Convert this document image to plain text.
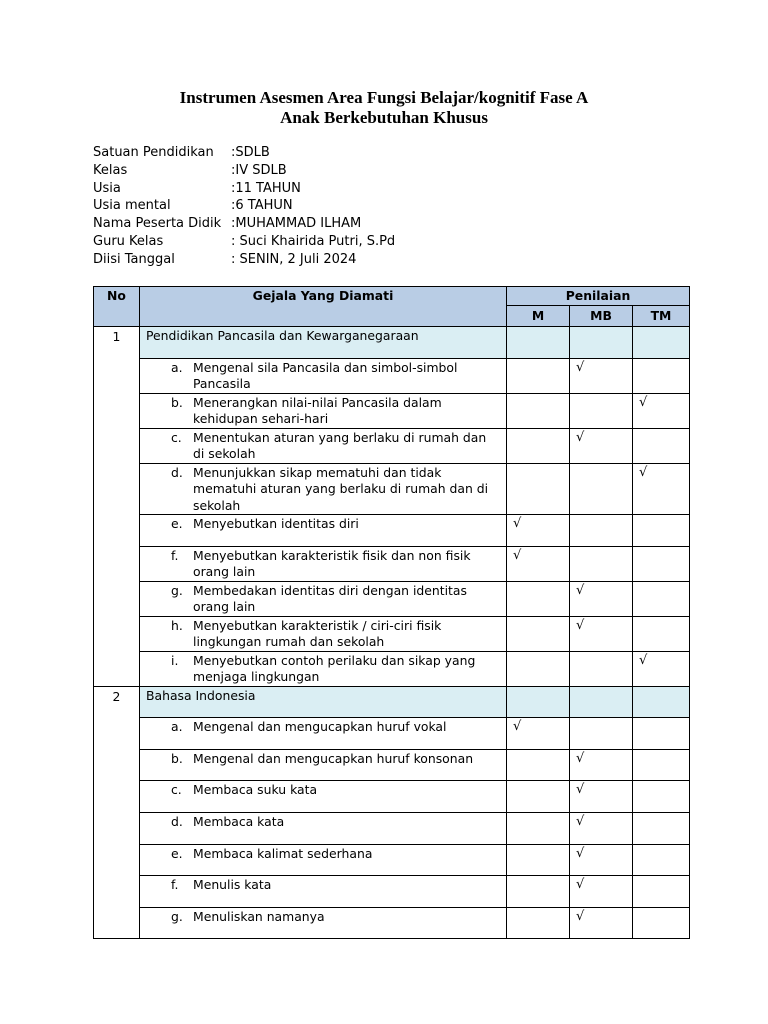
Instrumen Asesmen Area Fungsi Belajar/kognitif Fase A
Anak Berkebutuhan Khusus
Satuan Pendidikan	:SDLB
Kelas	:IV SDLB
Usia	:11 TAHUN
Usia mental	:6 TAHUN
Nama Peserta Didik :MUHAMMAD ILHAM
Guru Kelas	: Suci Khairida Putri, S.Pd
Diisi Tanggal	: SENIN, 2 Juli 2024
No	Gejala Yang Diamati	Penilaian		
		M	MB	TM
1	Pendidikan Pancasila dan Kewarganegaraan			

	a. Mengenal sila Pancasila dan simbol-simbol Pancasila		√	

	b. Menerangkan nilai-nilai Pancasila dalam kehidupan sehari-hari			√

	c. Menentukan aturan yang berlaku di rumah dan di sekolah		√	

	d. Menunjukkan sikap mematuhi dan tidak mematuhi aturan yang berlaku di rumah dan di sekolah			√

	e. Menyebutkan identitas diri	√		

	f. Menyebutkan karakteristik fisik dan non fisik orang lain	√		

	g. Membedakan identitas diri dengan identitas orang lain		√	

	h. Menyebutkan karakteristik / ciri-ciri fisik lingkungan rumah dan sekolah		√	

	i. Menyebutkan contoh perilaku dan sikap yang menjaga lingkungan			√
2	Bahasa Indonesia			

	a. Mengenal dan mengucapkan huruf vokal	√		

	b. Mengenal dan mengucapkan huruf konsonan		√	

	c. Membaca suku kata		√	

	d. Membaca kata		√	

	e. Membaca kalimat sederhana		√	

	f. Menulis kata		√	

	g. Menuliskan namanya		√	
